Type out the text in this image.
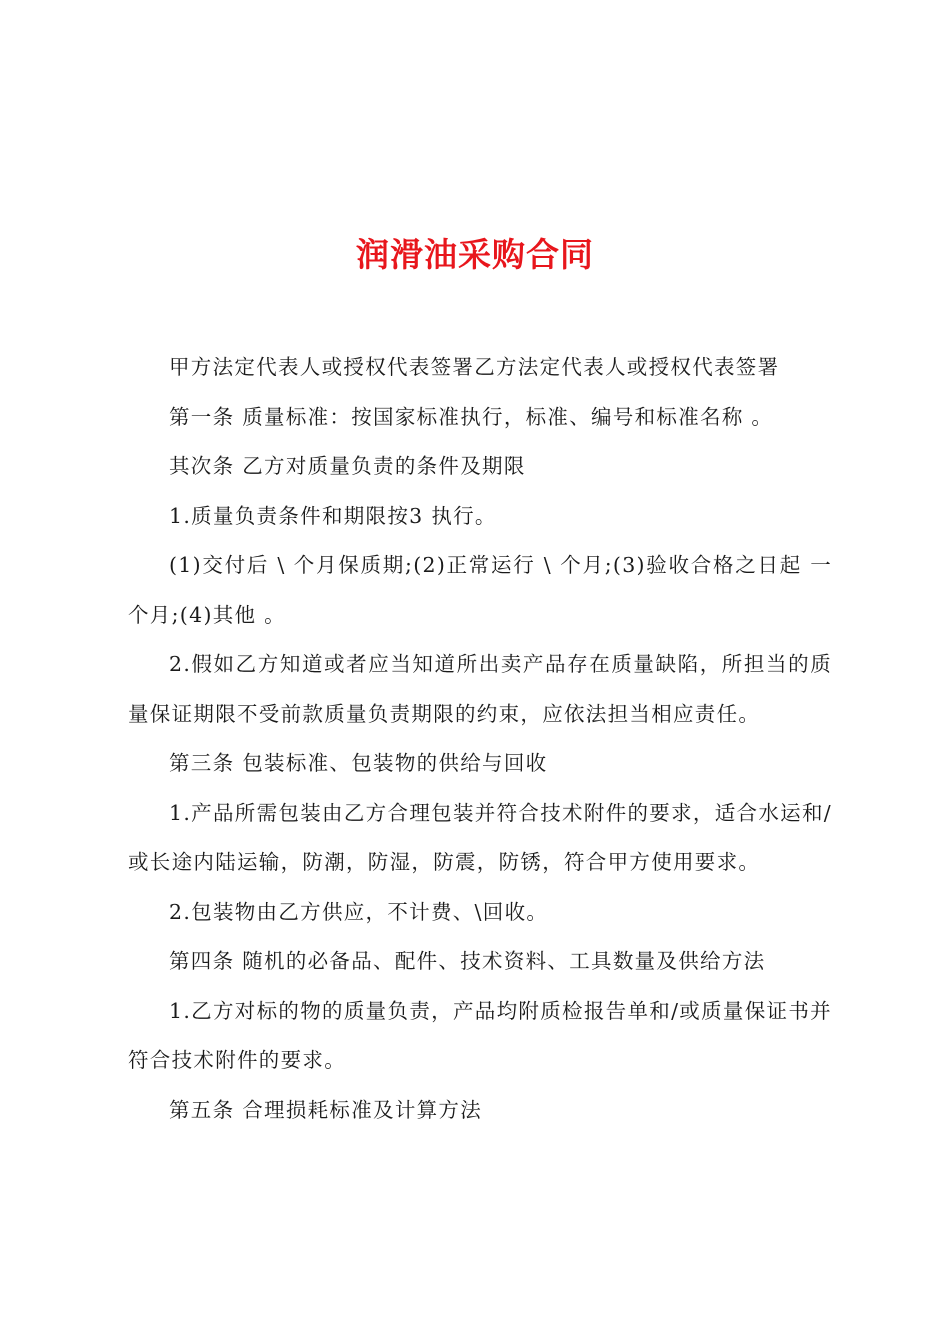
润滑油采购合同

甲方法定代表人或授权代表签署乙方法定代表人或授权代表签署

第一条 质量标准：按国家标准执行，标准、编号和标准名称 。

其次条 乙方对质量负责的条件及期限

1.质量负责条件和期限按3 执行。

(1)交付后 \ 个月保质期;(2)正常运行 \ 个月;(3)验收合格之日起 一 个月;(4)其他 。

2.假如乙方知道或者应当知道所出卖产品存在质量缺陷，所担当的质量保证期限不受前款质量负责期限的约束，应依法担当相应责任。

第三条 包装标准、包装物的供给与回收

1.产品所需包装由乙方合理包装并符合技术附件的要求，适合水运和/或长途内陆运输，防潮，防湿，防震，防锈，符合甲方使用要求。

2.包装物由乙方供应，不计费、\回收。

第四条 随机的必备品、配件、技术资料、工具数量及供给方法

1.乙方对标的物的质量负责，产品均附质检报告单和/或质量保证书并符合技术附件的要求。

第五条 合理损耗标准及计算方法
